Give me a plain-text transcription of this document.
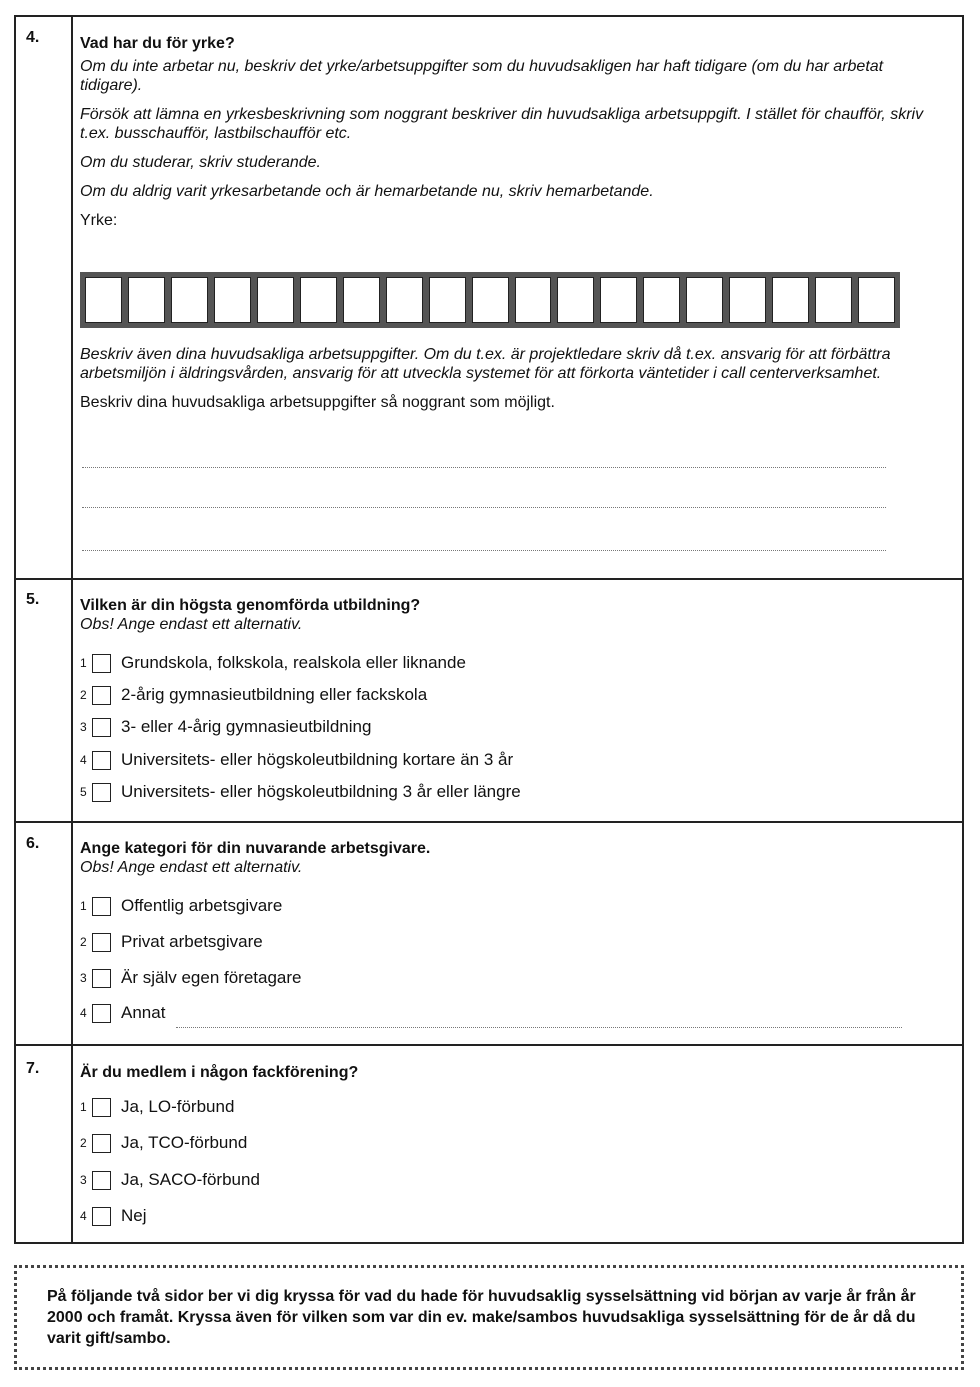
4.	Vad har du för yrke?
Om du inte arbetar nu, beskriv det yrke/arbetsuppgifter som du huvudsakligen har haft tidigare (om du har arbetat tidigare).
Försök att lämna en yrkesbeskrivning som noggrant beskriver din huvudsakliga arbetsuppgift. I stället för chaufför, skriv t.ex. busschaufför, lastbilschaufför etc.
Om du studerar, skriv studerande.
Om du aldrig varit yrkesarbetande och är hemarbetande nu, skriv hemarbetande.
Yrke:
Beskriv även dina huvudsakliga arbetsuppgifter. Om du t.ex. är projektledare skriv då t.ex. ansvarig för att förbättra arbetsmiljön i äldringsvården, ansvarig för att utveckla systemet för att förkorta väntetider i call centerverksamhet.
Beskriv dina huvudsakliga arbetsuppgifter så noggrant som möjligt.
5.	Vilken är din högsta genomförda utbildning?
Obs! Ange endast ett alternativ.
1	Grundskola, folkskola, realskola eller liknande
2	2-årig gymnasieutbildning eller fackskola
3	3- eller 4-årig gymnasieutbildning
4	Universitets- eller högskoleutbildning kortare än 3 år
5	Universitets- eller högskoleutbildning 3 år eller längre
6.	Ange kategori för din nuvarande arbetsgivare.
Obs! Ange endast ett alternativ.
1	Offentlig arbetsgivare
2	Privat arbetsgivare
3	Är själv egen företagare
4	Annat
7.	Är du medlem i någon fackförening?
1	Ja, LO-förbund
2	Ja, TCO-förbund
3	Ja, SACO-förbund
4	Nej
På följande två sidor ber vi dig kryssa för vad du hade för huvudsaklig sysselsättning vid början av varje år från år 2000 och framåt. Kryssa även för vilken som var din ev. make/sambos huvudsakliga sysselsättning för de år då du varit gift/sambo.
